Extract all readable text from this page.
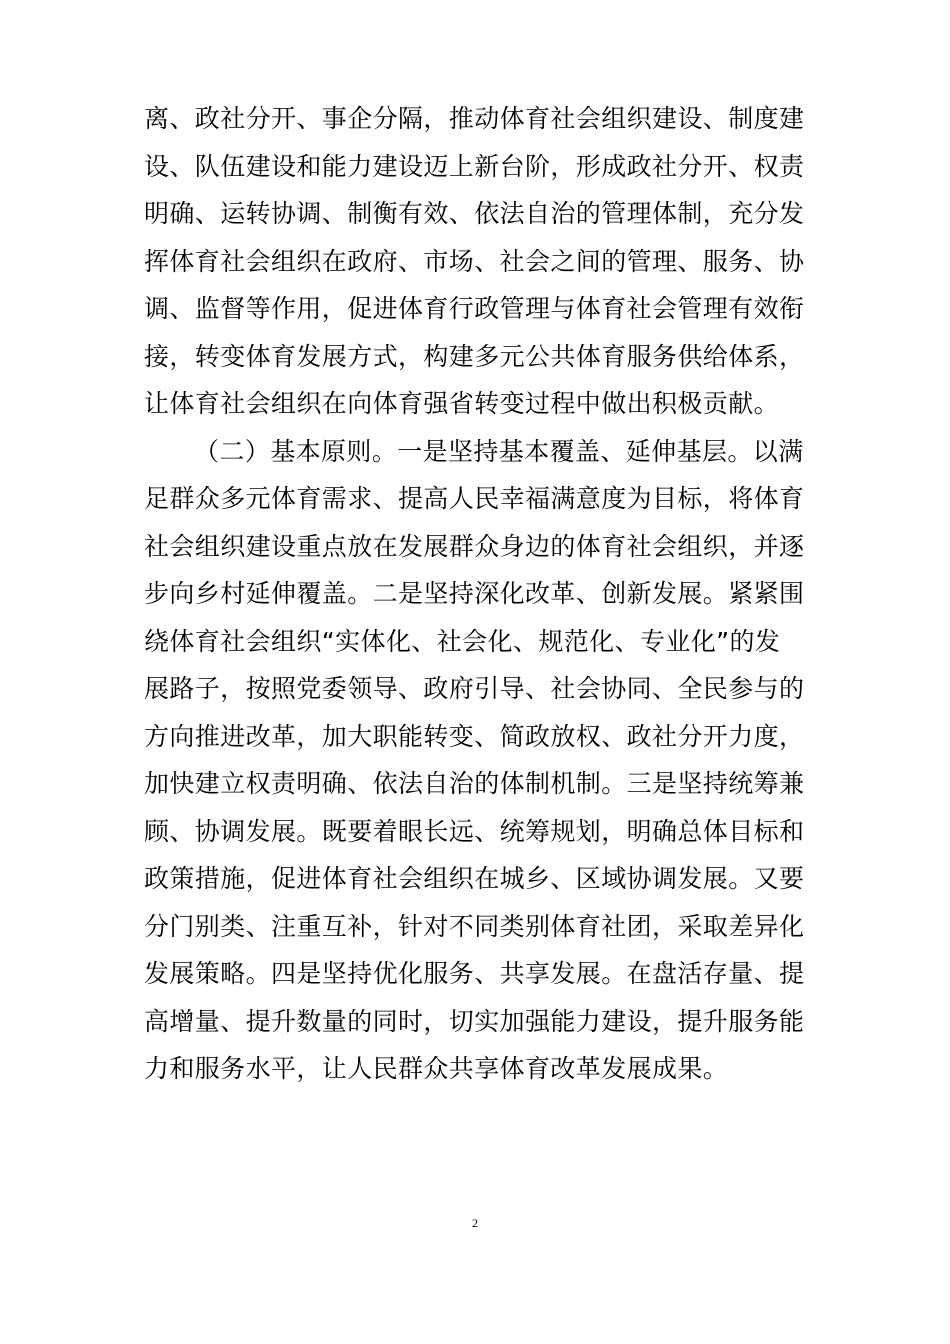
离、政社分开、事企分隔，推动体育社会组织建设、制度建
设、队伍建设和能力建设迈上新台阶，形成政社分开、权责
明确、运转协调、制衡有效、依法自治的管理体制，充分发
挥体育社会组织在政府、市场、社会之间的管理、服务、协
调、监督等作用，促进体育行政管理与体育社会管理有效衔
接，转变体育发展方式，构建多元公共体育服务供给体系，
让体育社会组织在向体育强省转变过程中做出积极贡献。
（二）基本原则。一是坚持基本覆盖、延伸基层。以满
足群众多元体育需求、提高人民幸福满意度为目标，将体育
社会组织建设重点放在发展群众身边的体育社会组织，并逐
步向乡村延伸覆盖。二是坚持深化改革、创新发展。紧紧围
绕体育社会组织“实体化、社会化、规范化、专业化”的发
展路子，按照党委领导、政府引导、社会协同、全民参与的
方向推进改革，加大职能转变、简政放权、政社分开力度，
加快建立权责明确、依法自治的体制机制。三是坚持统筹兼
顾、协调发展。既要着眼长远、统筹规划，明确总体目标和
政策措施，促进体育社会组织在城乡、区域协调发展。又要
分门别类、注重互补，针对不同类别体育社团，采取差异化
发展策略。四是坚持优化服务、共享发展。在盘活存量、提
高增量、提升数量的同时，切实加强能力建设，提升服务能
力和服务水平，让人民群众共享体育改革发展成果。
2
